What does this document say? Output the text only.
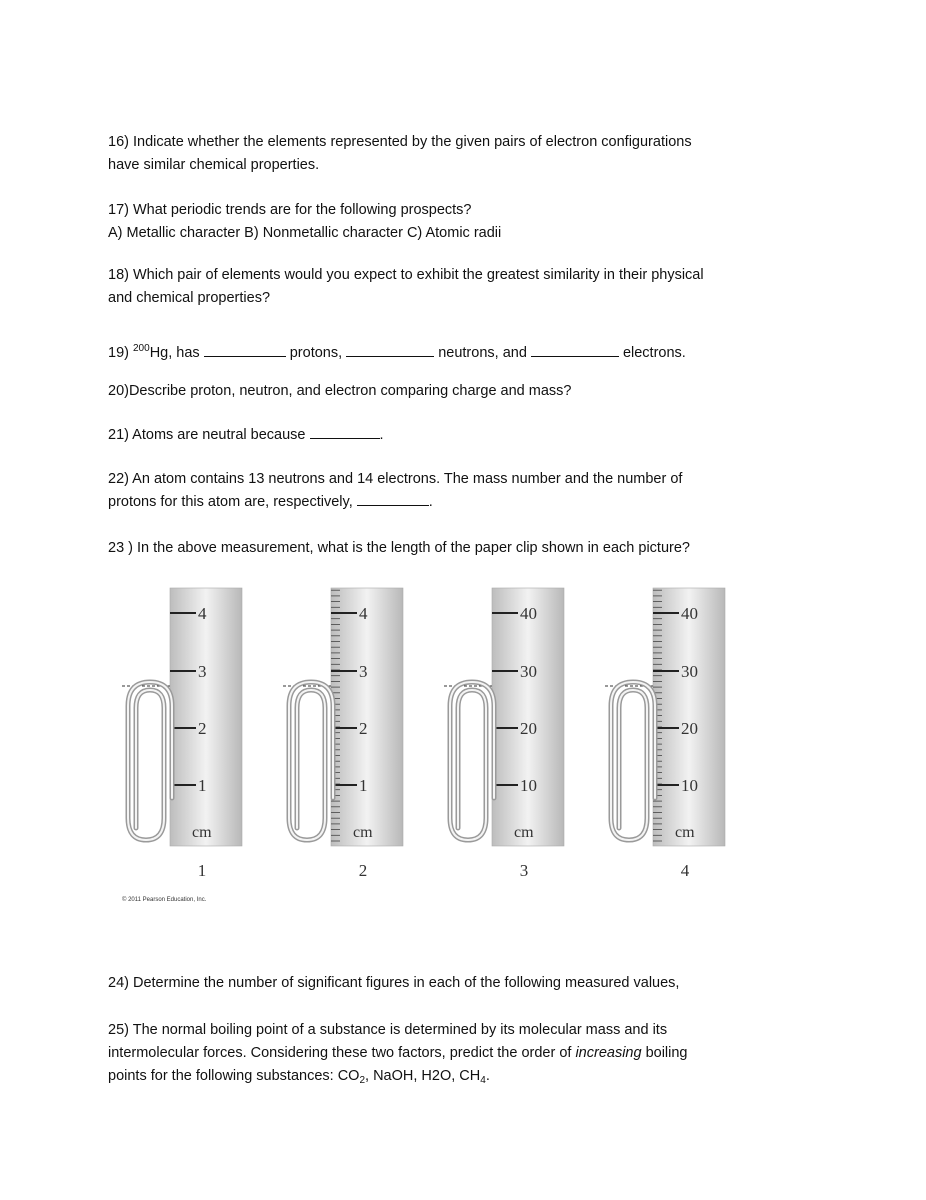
16) Indicate whether the elements represented by the given pairs of electron configurations
have similar chemical properties.
17) What periodic trends are for the following prospects?
A) Metallic character B) Nonmetallic character C) Atomic radii
18) Which pair of elements would you expect to exhibit the greatest similarity in their physical
and chemical properties?
19) $^{200}$Hg, has	protons,	neutrons, and	electrons.
20)Describe proton, neutron, and electron comparing charge and mass?
21) Atoms are neutral because	.
22) An atom contains 13 neutrons and 14 electrons. The mass number and the number of
protons for this atom are, respectively,	.
23 ) In the above measurement, what is the length of the paper clip shown in each picture?
4
3
2
1
cm
1
4
3
2
1
cm
2
40
30
20
10
cm
3
40
30
20
10
cm
4
© 2011 Pearson Education, Inc.
24) Determine the number of significant figures in each of the following measured values,
25) The normal boiling point of a substance is determined by its molecular mass and its
intermolecular forces. Considering these two factors, predict the order of increasing boiling
points for the following substances: $CO_2$, NaOH, H2O, $CH_4$.
